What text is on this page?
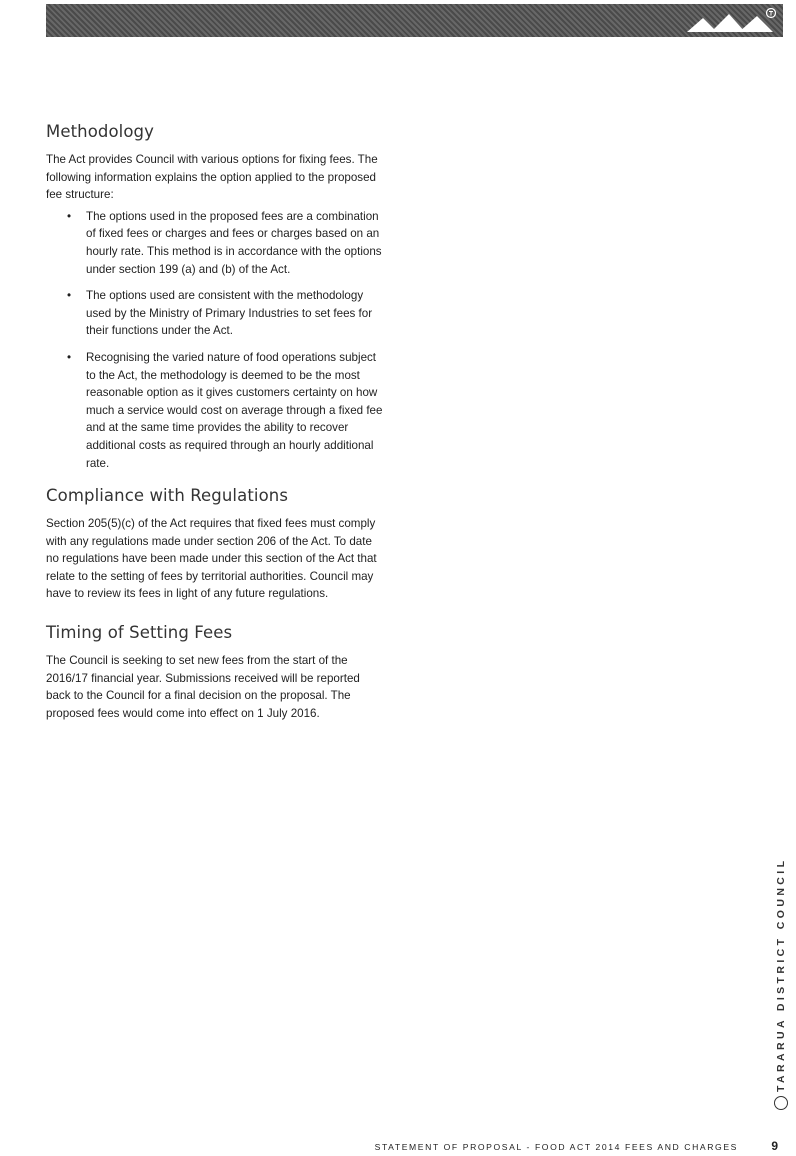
Methodology

The Act provides Council with various options for fixing fees. The following information explains the option applied to the proposed fee structure:

• The options used in the proposed fees are a combination of fixed fees or charges and fees or charges based on an hourly rate. This method is in accordance with the options under section 199 (a) and (b) of the Act.
• The options used are consistent with the methodology used by the Ministry of Primary Industries to set fees for their functions under the Act.
• Recognising the varied nature of food operations subject to the Act, the methodology is deemed to be the most reasonable option as it gives customers certainty on how much a service would cost on average through a fixed fee and at the same time provides the ability to recover additional costs as required through an hourly additional rate.
Compliance with Regulations

Section 205(5)(c) of the Act requires that fixed fees must comply with any regulations made under section 206 of the Act. To date no regulations have been made under this section of the Act that relate to the setting of fees by territorial authorities. Council may have to review its fees in light of any future regulations.

Timing of Setting Fees

The Council is seeking to set new fees from the start of the 2016/17 financial year. Submissions received will be reported back to the Council for a final decision on the proposal. The proposed fees would come into effect on 1 July 2016.

TARARUA DISTRICT COUNCIL
STATEMENT OF PROPOSAL - FOOD ACT 2014 FEES AND CHARGES	9
